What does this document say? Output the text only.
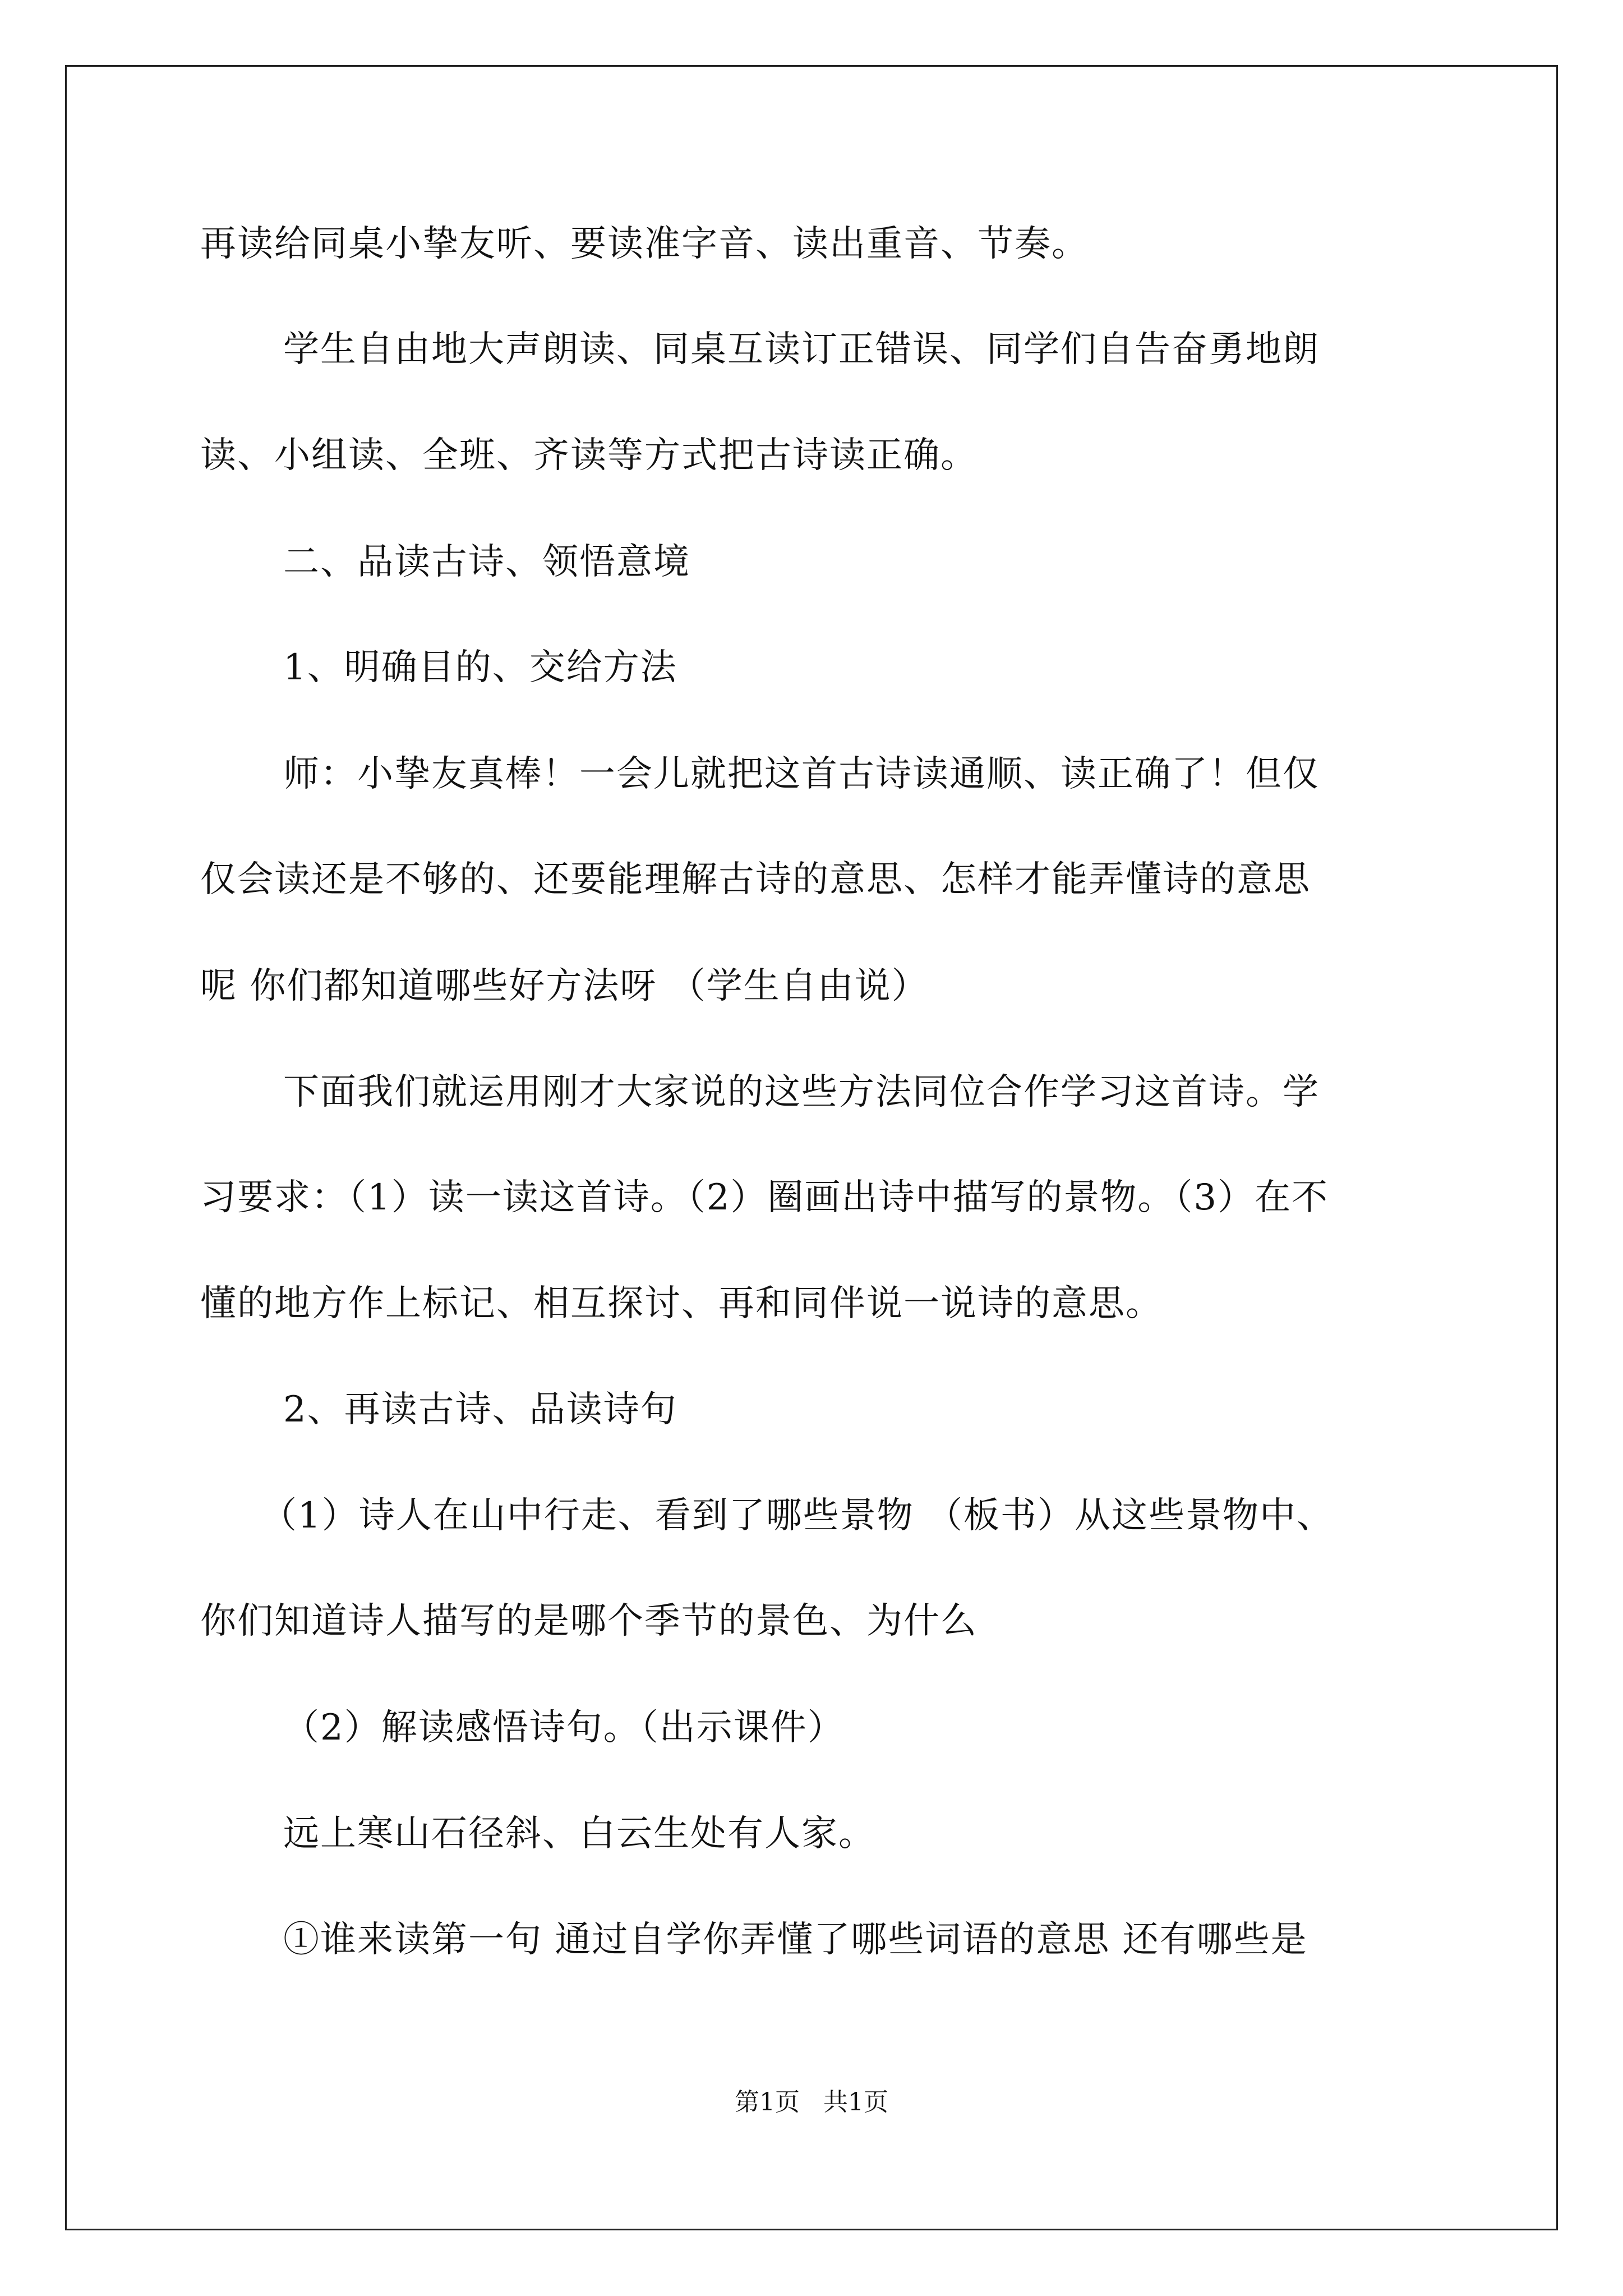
再读给同桌小挚友听、要读准字音、读出重音、节奏。
学生自由地大声朗读、同桌互读订正错误、同学们自告奋勇地朗
读、小组读、全班、齐读等方式把古诗读正确。
二、品读古诗、领悟意境
1、明确目的、交给方法
师：小挚友真棒！一会儿就把这首古诗读通顺、读正确了！但仅
仅会读还是不够的、还要能理解古诗的意思、怎样才能弄懂诗的意思
呢 你们都知道哪些好方法呀 （学生自由说）
下面我们就运用刚才大家说的这些方法同位合作学习这首诗。学
习要求：（1）读一读这首诗。（2）圈画出诗中描写的景物。（3）在不
懂的地方作上标记、相互探讨、再和同伴说一说诗的意思。
2、再读古诗、品读诗句
（1）诗人在山中行走、看到了哪些景物 （板书）从这些景物中、
你们知道诗人描写的是哪个季节的景色、为什么
（2）解读感悟诗句。（出示课件）
远上寒山石径斜、白云生处有人家。
①谁来读第一句 通过自学你弄懂了哪些词语的意思 还有哪些是
第1页   共1页
